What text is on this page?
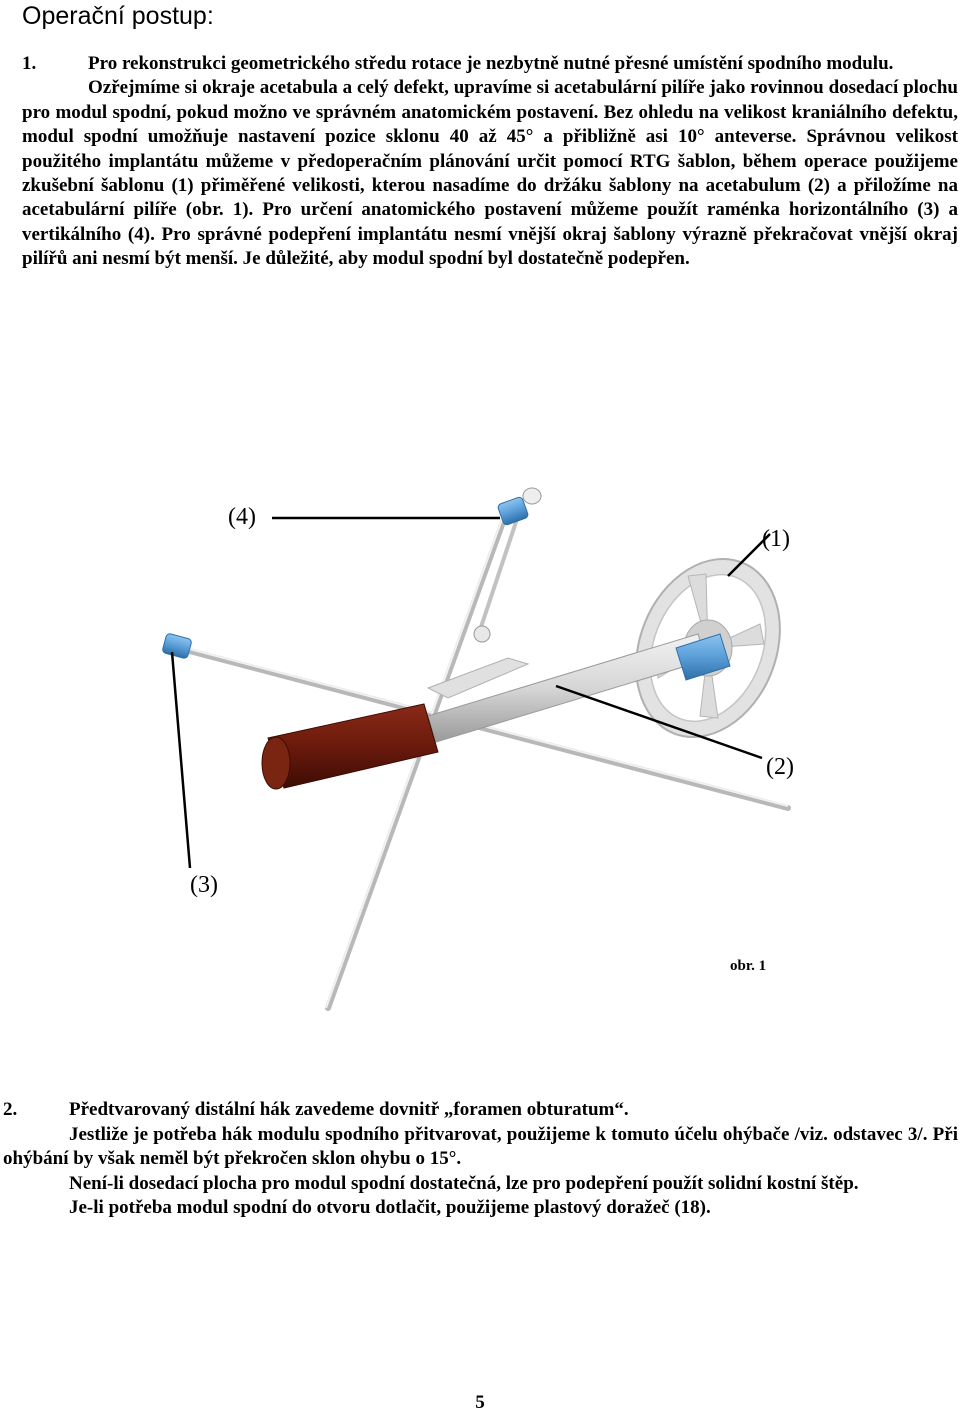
Operační postup:

1.	Pro rekonstrukci geometrického středu rotace je nezbytně nutné přesné umístění spodního modulu.

Ozřejmíme si okraje acetabula a celý defekt, upravíme si acetabulární pilíře jako rovinnou dosedací plochu pro modul spodní, pokud možno ve správném anatomickém postavení. Bez ohledu na velikost kraniálního defektu, modul spodní umožňuje nastavení pozice sklonu 40 až 45° a přibližně asi 10° anteverse. Správnou velikost použitého implantátu můžeme v předoperačním plánování určit pomocí RTG šablon, během operace použijeme zkušební šablonu (1) přiměřené velikosti, kterou nasadíme do držáku šablony na acetabulum (2) a přiložíme na acetabulární pilíře (obr. 1). Pro určení anatomického postavení můžeme použít raménka horizontálního (3) a vertikálního (4). Pro správné podepření implantátu nesmí vnější okraj šablony výrazně překračovat vnější okraj pilířů ani nesmí být menší. Je důležité, aby modul spodní byl dostatečně podepřen.

(4)
(1)
(2)
(3)
obr. 1

2.	Předtvarovaný distální hák zavedeme dovnitř „foramen obturatum“.

Jestliže je potřeba hák modulu spodního přitvarovat, použijeme k tomuto účelu ohýbače /viz. odstavec 3/. Při ohýbání by však neměl být překročen sklon ohybu o 15°.

Není-li dosedací plocha pro modul spodní dostatečná, lze pro podepření použít solidní kostní štěp.

Je-li potřeba modul spodní do otvoru dotlačit, použijeme plastový doražeč (18).

5
